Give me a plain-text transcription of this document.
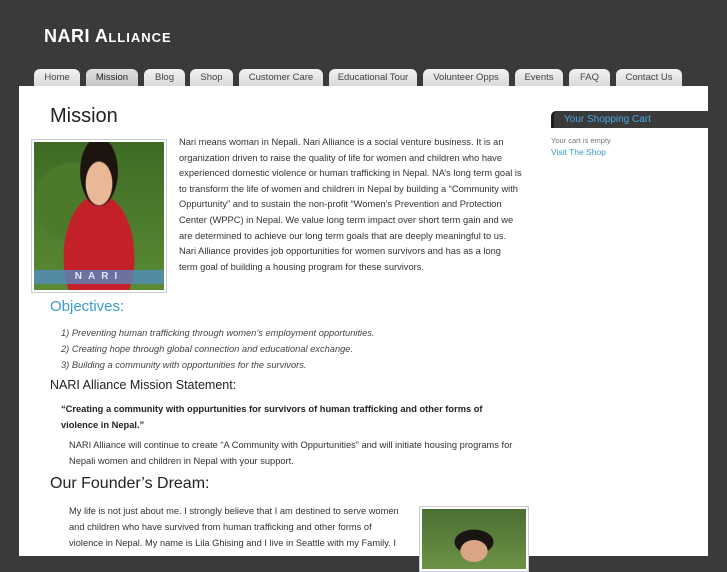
NARI ALLIANCE
Home	Mission	Blog	Shop	Customer Care	Educational Tour	Volunteer Opps	Events	FAQ	Contact Us
Mission
NARI
Nari means woman in Nepali. Nari Alliance is a social venture business. It is an organization driven to raise the quality of life for women and children who have experienced domestic violence or human trafficking in Nepal. NA’s long term goal is to transform the life of women and children in Nepal by building a “Community with Oppurtunity” and to sustain the non-profit “Women’s Prevention and Protection Center (WPPC) in Nepal. We value long term impact over short term gain and we are determined to achieve our long term goals that are deeply meaningful to us. Nari Alliance provides job opportunities for women survivors and has as a long term goal of building a housing program for these survivors.
Objectives:
1) Preventing human trafficking through women’s employment opportunities.
2) Creating hope through global connection and educational exchange.
3) Building a community with opportunities for the survivors.
NARI Alliance Mission Statement:
“Creating a community with oppurtunities for survivors of human trafficking and other forms of violence in Nepal.”
NARI Alliance will continue to create “A Community with Oppurtunities” and will initiate housing programs for Nepali women and children in Nepal with your support.
Our Founder’s Dream:
My life is not just about me. I strongly believe that I am destined to serve women and children who have survived from human trafficking and other forms of violence in Nepal. My name is Lila Ghising and I live in Seattle with my Family. I
Your Shopping Cart
Your cart is empty
Visit The Shop
